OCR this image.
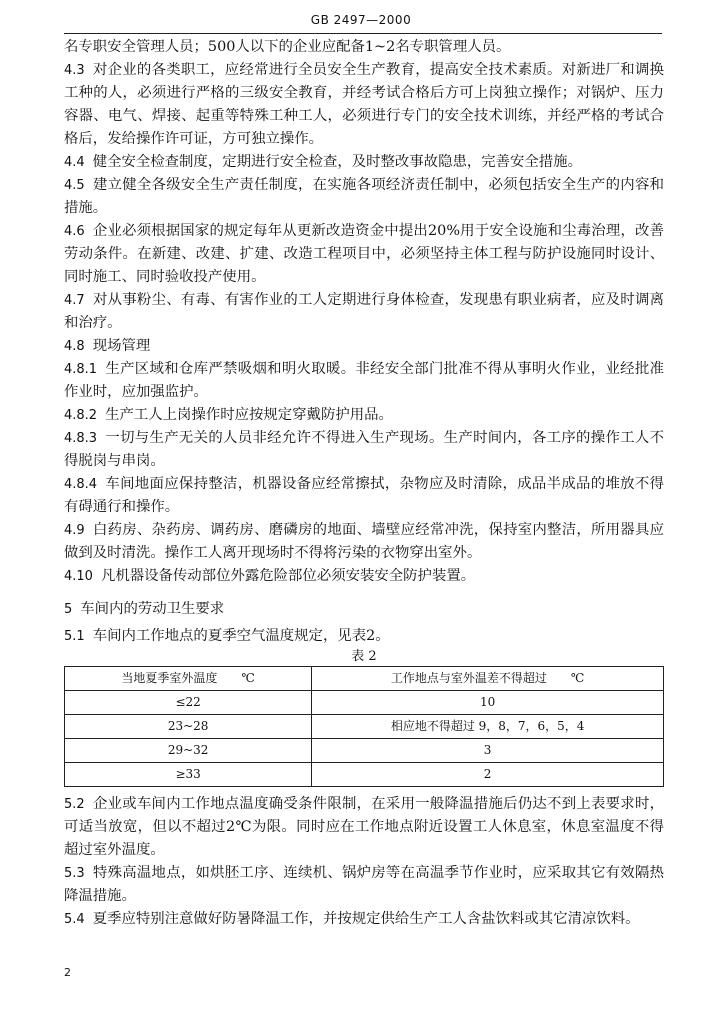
GB 2497—2000

名专职安全管理人员；500人以下的企业应配备1~2名专职管理人员。

4.3 对企业的各类职工，应经常进行全员安全生产教育，提高安全技术素质。对新进厂和调换工种的人，必须进行严格的三级安全教育，并经考试合格后方可上岗独立操作；对锅炉、压力容器、电气、焊接、起重等特殊工种工人，必须进行专门的安全技术训练，并经严格的考试合格后，发给操作许可证，方可独立操作。

4.4 健全安全检查制度，定期进行安全检查，及时整改事故隐患，完善安全措施。

4.5 建立健全各级安全生产责任制度，在实施各项经济责任制中，必须包括安全生产的内容和措施。

4.6 企业必须根据国家的规定每年从更新改造资金中提出20%用于安全设施和尘毒治理，改善劳动条件。在新建、改建、扩建、改造工程项目中，必须坚持主体工程与防护设施同时设计、同时施工、同时验收投产使用。

4.7 对从事粉尘、有毒、有害作业的工人定期进行身体检查，发现患有职业病者，应及时调离和治疗。

4.8 现场管理

4.8.1 生产区域和仓库严禁吸烟和明火取暖。非经安全部门批准不得从事明火作业，业经批准作业时，应加强监护。

4.8.2 生产工人上岗操作时应按规定穿戴防护用品。

4.8.3 一切与生产无关的人员非经允许不得进入生产现场。生产时间内，各工序的操作工人不得脱岗与串岗。

4.8.4 车间地面应保持整洁，机器设备应经常擦拭，杂物应及时清除，成品半成品的堆放不得有碍通行和操作。

4.9 白药房、杂药房、调药房、磨磷房的地面、墙壁应经常冲洗，保持室内整洁，所用器具应做到及时清洗。操作工人离开现场时不得将污染的衣物穿出室外。

4.10 凡机器设备传动部位外露危险部位必须安装安全防护装置。

5 车间内的劳动卫生要求

5.1 车间内工作地点的夏季空气温度规定，见表2。

表 2

当地夏季室外温度　　℃	工作地点与室外温差不得超过　　℃
≤22	10
23~28	相应地不得超过 9，8，7，6，5，4
29~32	3
≥33	2

5.2 企业或车间内工作地点温度确受条件限制，在采用一般降温措施后仍达不到上表要求时，可适当放宽，但以不超过2℃为限。同时应在工作地点附近设置工人休息室，休息室温度不得超过室外温度。

5.3 特殊高温地点，如烘胚工序、连续机、锅炉房等在高温季节作业时，应采取其它有效隔热降温措施。

5.4 夏季应特别注意做好防暑降温工作，并按规定供给生产工人含盐饮料或其它清凉饮料。

2
